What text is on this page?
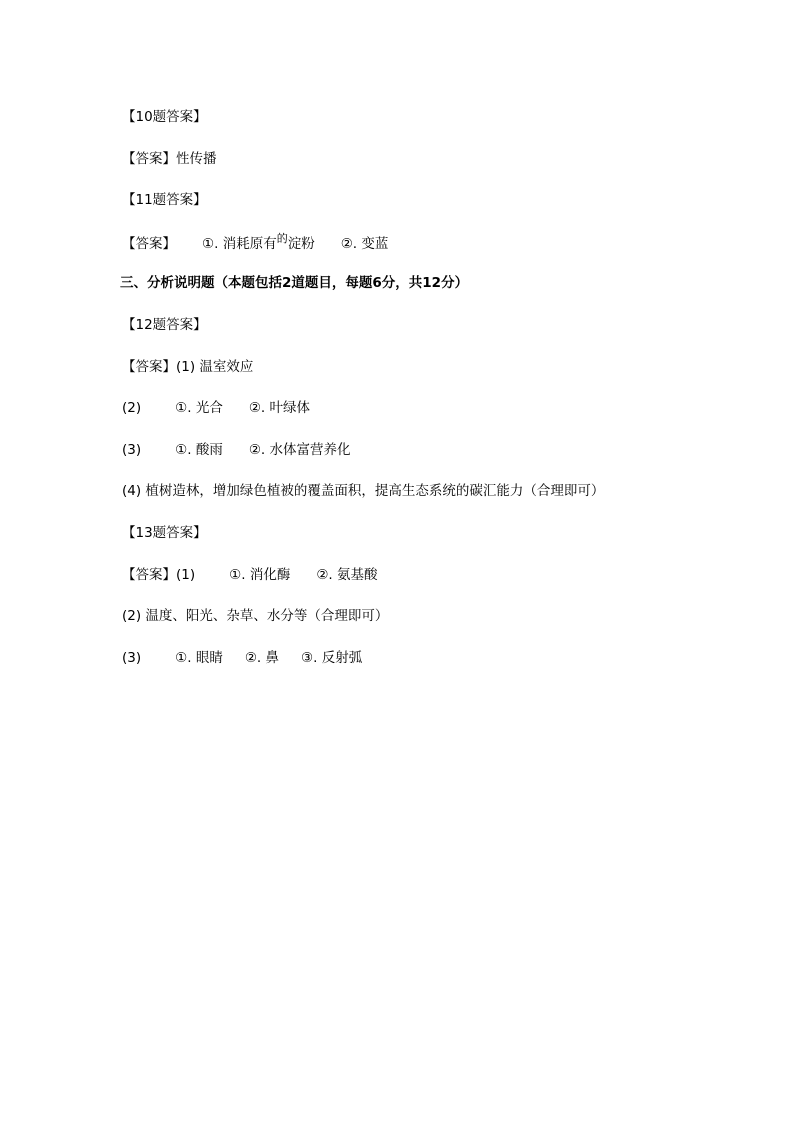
【10题答案】
【答案】性传播
【11题答案】
【答案】 ①. 消耗原有$^的$淀粉 ②. 变蓝
三、分析说明题（本题包括2道题目，每题6分，共12分）
【12题答案】
【答案】(1) 温室效应
(2)	①. 光合 ②. 叶绿体
(3)	①. 酸雨 ②. 水体富营养化
(4) 植树造林，增加绿色植被的覆盖面积，提高生态系统的碳汇能力（合理即可）
【13题答案】
【答案】(1)	①. 消化酶 ②. 氨基酸
(2) 温度、阳光、杂草、水分等（合理即可）
(3)	①. 眼睛 ②. 鼻 ③. 反射弧
